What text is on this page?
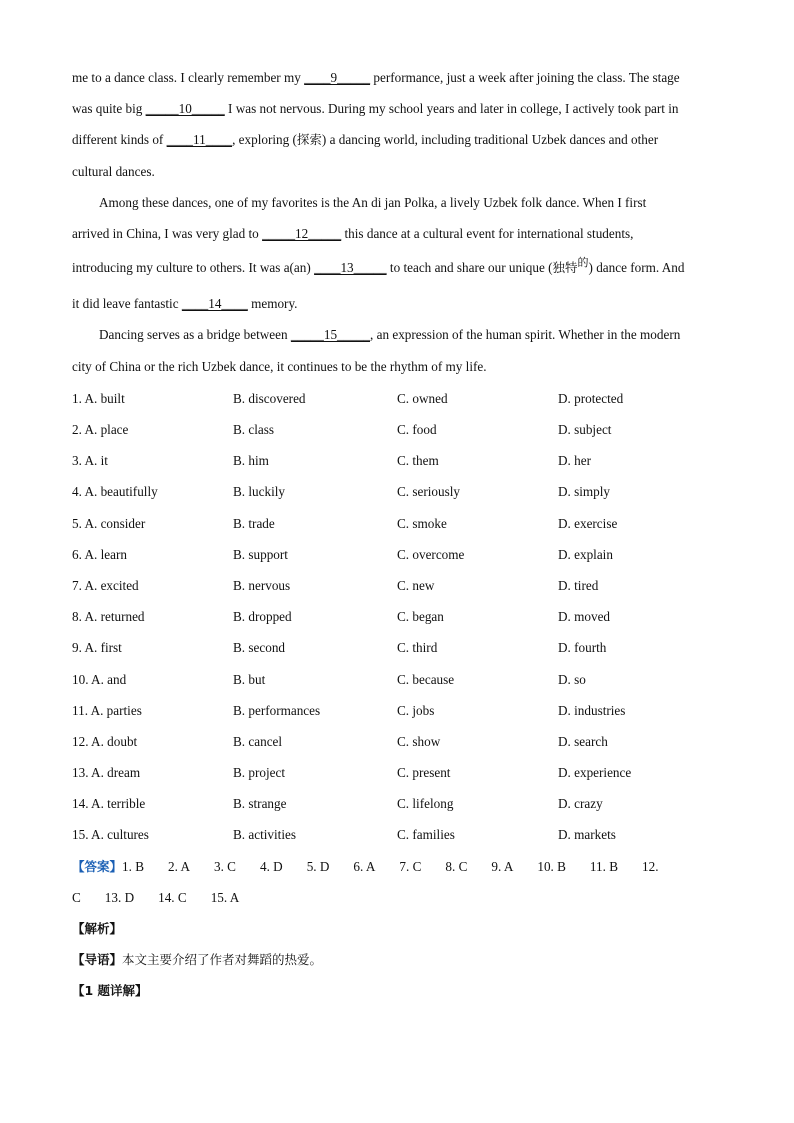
me to a dance class. I clearly remember my ____9_____ performance, just a week after joining the class. The stage

was quite big _____10_____ I was not nervous. During my school years and later in college, I actively took part in

different kinds of ____11____, exploring (探索) a dancing world, including traditional Uzbek dances and other

cultural dances.

Among these dances, one of my favorites is the An di jan Polka, a lively Uzbek folk dance. When I first

arrived in China, I was very glad to _____12_____ this dance at a cultural event for international students,

introducing my culture to others. It was a(an) ____13_____ to teach and share our unique (独特$^的$) dance form. And

it did leave fantastic ____14____ memory.

Dancing serves as a bridge between _____15_____, an expression of the human spirit. Whether in the modern

city of China or the rich Uzbek dance, it continues to be the rhythm of my life.

1. A. built	B. discovered	C. owned	D. protected
2. A. place	B. class	C. food	D. subject
3. A. it	B. him	C. them	D. her
4. A. beautifully	B. luckily	C. seriously	D. simply
5. A. consider	B. trade	C. smoke	D. exercise
6. A. learn	B. support	C. overcome	D. explain
7. A. excited	B. nervous	C. new	D. tired
8. A. returned	B. dropped	C. began	D. moved
9. A. first	B. second	C. third	D. fourth
10. A. and	B. but	C. because	D. so
11. A. parties	B. performances	C. jobs	D. industries
12. A. doubt	B. cancel	C. show	D. search
13. A. dream	B. project	C. present	D. experience
14. A. terrible	B. strange	C. lifelong	D. crazy
15. A. cultures	B. activities	C. families	D. markets
【答案】1. B 2. A 3. C 4. D 5. D 6. A 7. C 8. C 9. A 10. B 11. B 12.
C 13. D 14. C 15. A
【解析】
【导语】本文主要介绍了作者对舞蹈的热爱。
【1 题详解】
